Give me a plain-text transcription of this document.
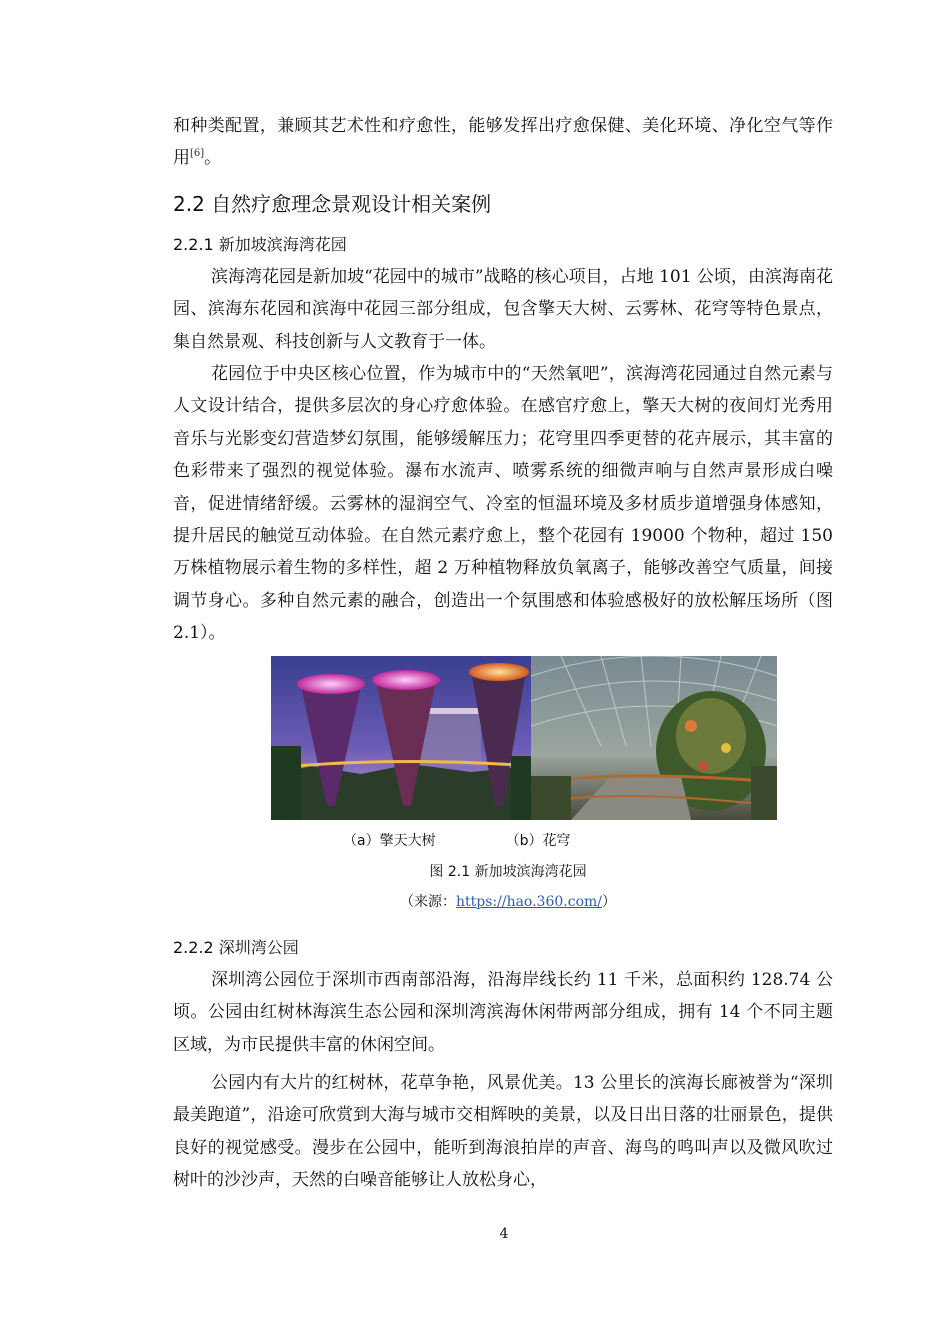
和种类配置，兼顾其艺术性和疗愈性，能够发挥出疗愈保健、美化环境、净化空气等作用[6]。

2.2 自然疗愈理念景观设计相关案例
2.2.1 新加坡滨海湾花园

滨海湾花园是新加坡“花园中的城市”战略的核心项目，占地 101 公顷，由滨海南花园、滨海东花园和滨海中花园三部分组成，包含擎天大树、云雾林、花穹等特色景点，集自然景观、科技创新与人文教育于一体。

花园位于中央区核心位置，作为城市中的“天然氧吧”，滨海湾花园通过自然元素与人文设计结合，提供多层次的身心疗愈体验。在感官疗愈上，擎天大树的夜间灯光秀用音乐与光影变幻营造梦幻氛围，能够缓解压力；花穹里四季更替的花卉展示，其丰富的色彩带来了强烈的视觉体验。瀑布水流声、喷雾系统的细微声响与自然声景形成白噪音，促进情绪舒缓。云雾林的湿润空气、冷室的恒温环境及多材质步道增强身体感知，提升居民的触觉互动体验。在自然元素疗愈上，整个花园有 19000 个物种，超过 150 万株植物展示着生物的多样性，超 2 万种植物释放负氧离子，能够改善空气质量，间接调节身心。多种自然元素的融合，创造出一个氛围感和体验感极好的放松解压场所（图 2.1）。

（a）擎天大树	（b）花穹
图 2.1 新加坡滨海湾花园
（来源：https://hao.360.com/）
2.2.2 深圳湾公园

深圳湾公园位于深圳市西南部沿海，沿海岸线长约 11 千米，总面积约 128.74 公顷。公园由红树林海滨生态公园和深圳湾滨海休闲带两部分组成，拥有 14 个不同主题区域，为市民提供丰富的休闲空间。

公园内有大片的红树林，花草争艳，风景优美。13 公里长的滨海长廊被誉为“深圳最美跑道”，沿途可欣赏到大海与城市交相辉映的美景，以及日出日落的壮丽景色，提供良好的视觉感受。漫步在公园中，能听到海浪拍岸的声音、海鸟的鸣叫声以及微风吹过树叶的沙沙声，天然的白噪音能够让人放松身心，

4
